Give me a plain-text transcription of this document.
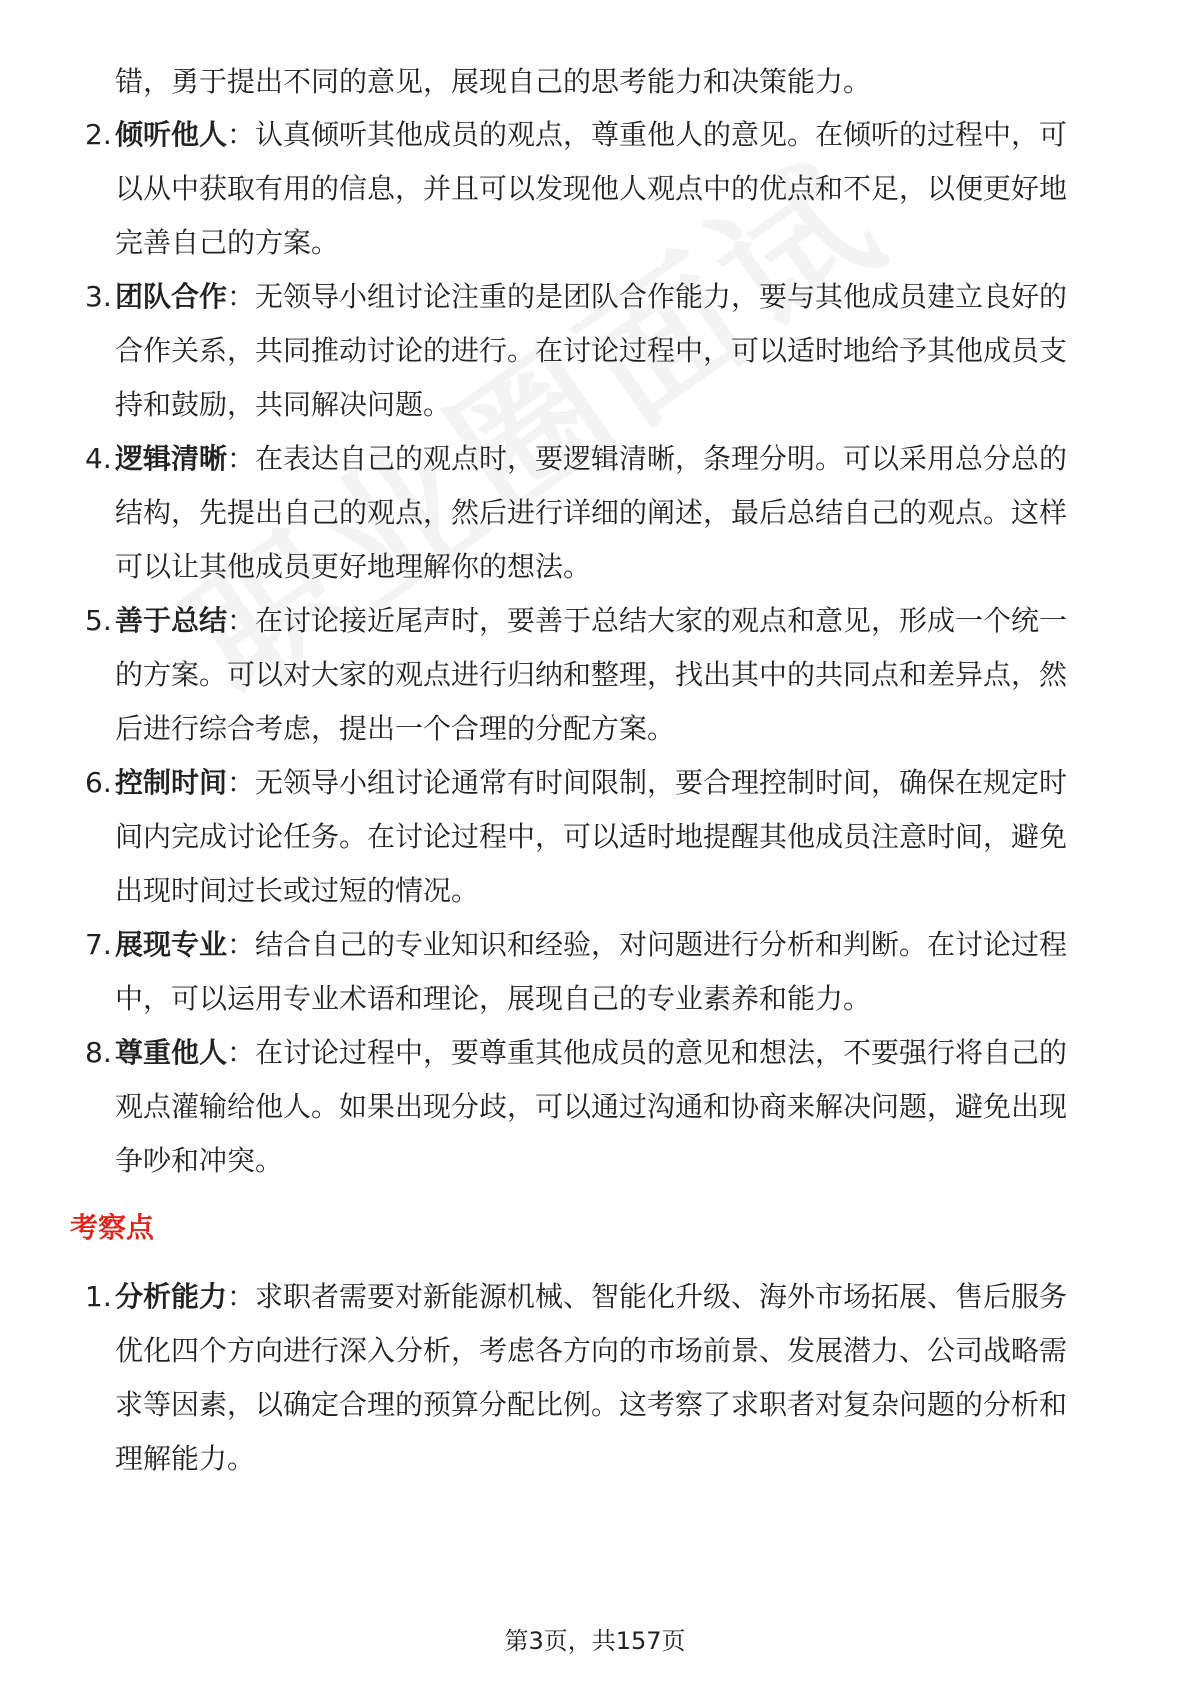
错，勇于提出不同的意见，展现自己的思考能力和决策能力。
2. 倾听他人：认真倾听其他成员的观点，尊重他人的意见。在倾听的过程中，可
以从中获取有用的信息，并且可以发现他人观点中的优点和不足，以便更好地
完善自己的方案。
3. 团队合作：无领导小组讨论注重的是团队合作能力，要与其他成员建立良好的
合作关系，共同推动讨论的进行。在讨论过程中，可以适时地给予其他成员支
持和鼓励，共同解决问题。
4. 逻辑清晰：在表达自己的观点时，要逻辑清晰，条理分明。可以采用总分总的
结构，先提出自己的观点，然后进行详细的阐述，最后总结自己的观点。这样
可以让其他成员更好地理解你的想法。
5. 善于总结：在讨论接近尾声时，要善于总结大家的观点和意见，形成一个统一
的方案。可以对大家的观点进行归纳和整理，找出其中的共同点和差异点，然
后进行综合考虑，提出一个合理的分配方案。
6. 控制时间：无领导小组讨论通常有时间限制，要合理控制时间，确保在规定时
间内完成讨论任务。在讨论过程中，可以适时地提醒其他成员注意时间，避免
出现时间过长或过短的情况。
7. 展现专业：结合自己的专业知识和经验，对问题进行分析和判断。在讨论过程
中，可以运用专业术语和理论，展现自己的专业素养和能力。
8. 尊重他人：在讨论过程中，要尊重其他成员的意见和想法，不要强行将自己的
观点灌输给他人。如果出现分歧，可以通过沟通和协商来解决问题，避免出现
争吵和冲突。
考察点
1. 分析能力：求职者需要对新能源机械、智能化升级、海外市场拓展、售后服务
优化四个方向进行深入分析，考虑各方向的市场前景、发展潜力、公司战略需
求等因素，以确定合理的预算分配比例。这考察了求职者对复杂问题的分析和
理解能力。
第3页，共157页
